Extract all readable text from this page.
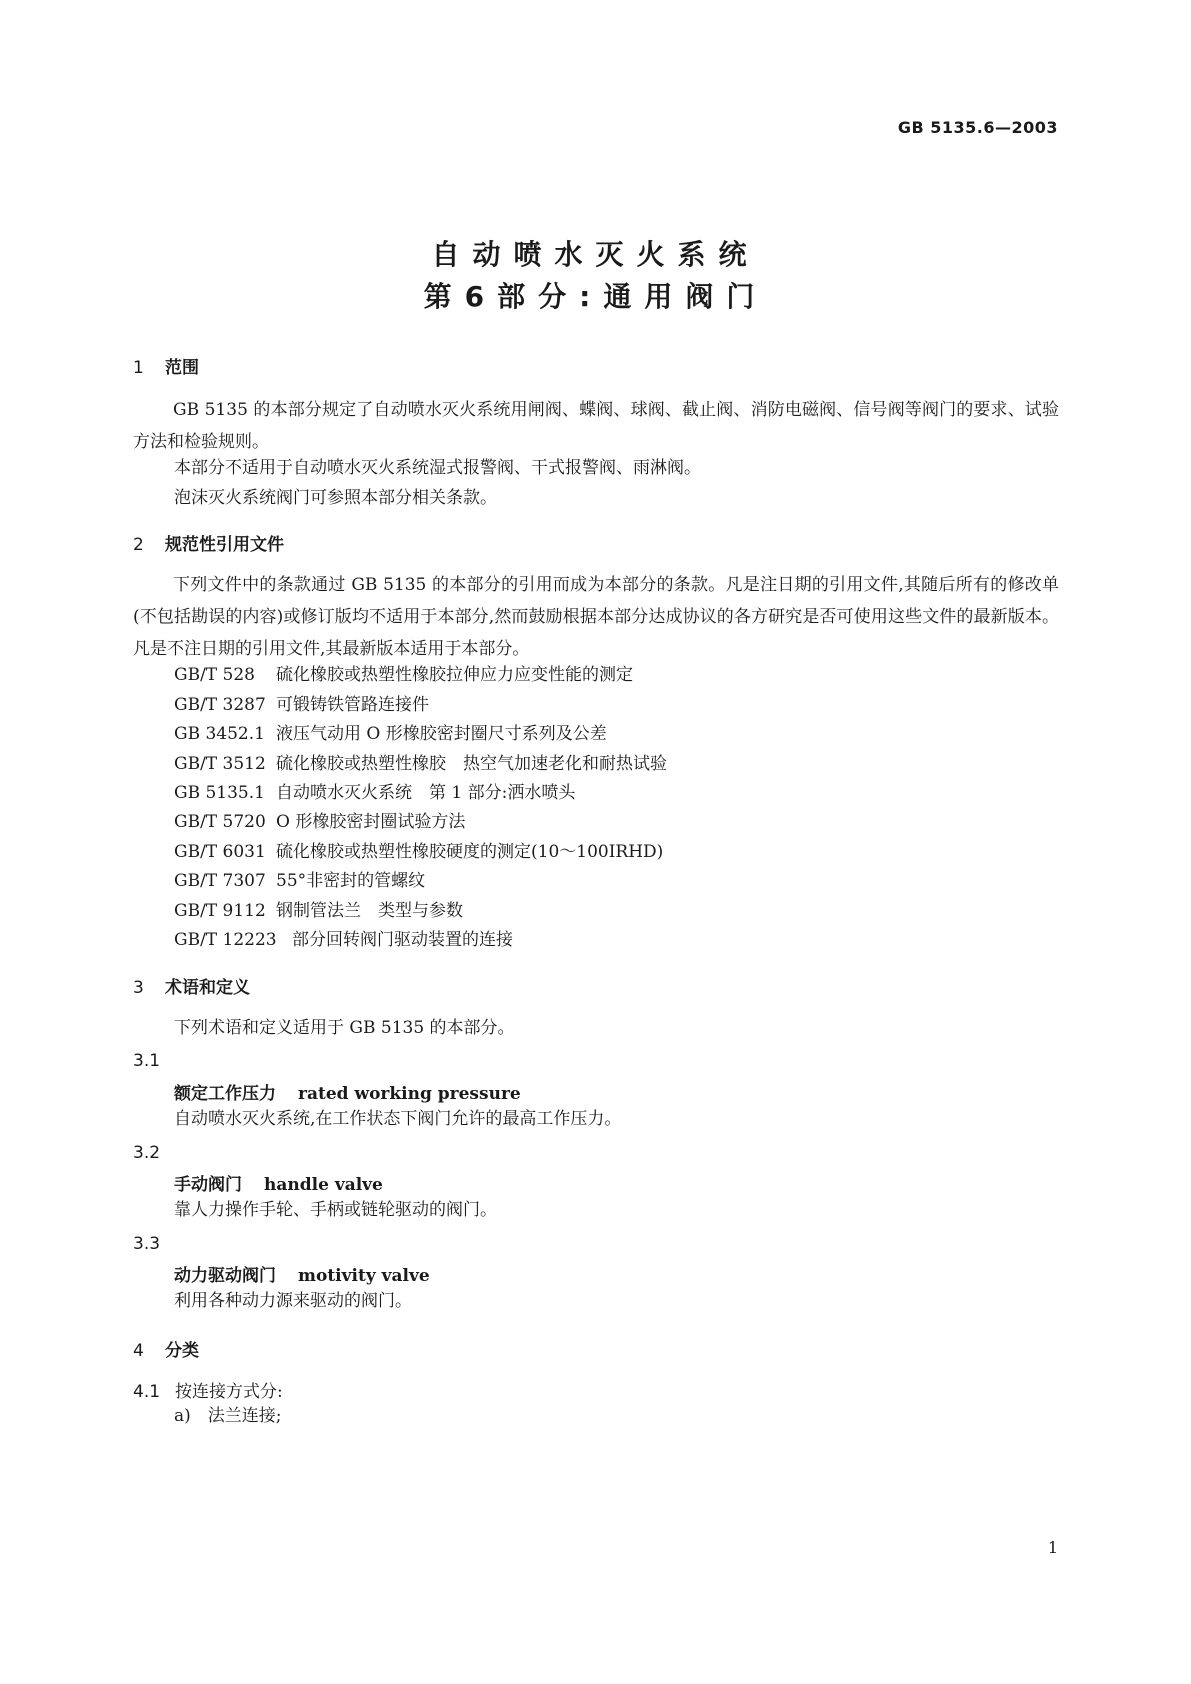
GB 5135.6—2003
自动喷水灭火系统
第6部分:通用阀门
1 范围
GB 5135 的本部分规定了自动喷水灭火系统用闸阀、蝶阀、球阀、截止阀、消防电磁阀、信号阀等阀门的要求、试验方法和检验规则。
本部分不适用于自动喷水灭火系统湿式报警阀、干式报警阀、雨淋阀。
泡沫灭火系统阀门可参照本部分相关条款。
2 规范性引用文件
下列文件中的条款通过 GB 5135 的本部分的引用而成为本部分的条款。凡是注日期的引用文件,其随后所有的修改单(不包括勘误的内容)或修订版均不适用于本部分,然而鼓励根据本部分达成协议的各方研究是否可使用这些文件的最新版本。凡是不注日期的引用文件,其最新版本适用于本部分。
GB/T 528 硫化橡胶或热塑性橡胶拉伸应力应变性能的测定
GB/T 3287 可锻铸铁管路连接件
GB 3452.1 液压气动用 O 形橡胶密封圈尺寸系列及公差
GB/T 3512 硫化橡胶或热塑性橡胶　热空气加速老化和耐热试验
GB 5135.1 自动喷水灭火系统　第 1 部分:洒水喷头
GB/T 5720 O 形橡胶密封圈试验方法
GB/T 6031 硫化橡胶或热塑性橡胶硬度的测定(10～100IRHD)
GB/T 7307 55°非密封的管螺纹
GB/T 9112 钢制管法兰　类型与参数
GB/T 12223 部分回转阀门驱动装置的连接
3 术语和定义
下列术语和定义适用于 GB 5135 的本部分。
3.1
额定工作压力 rated working pressure
自动喷水灭火系统,在工作状态下阀门允许的最高工作压力。
3.2
手动阀门 handle valve
靠人力操作手轮、手柄或链轮驱动的阀门。
3.3
动力驱动阀门 motivity valve
利用各种动力源来驱动的阀门。
4 分类
4.1 按连接方式分:
a)　法兰连接;
1
